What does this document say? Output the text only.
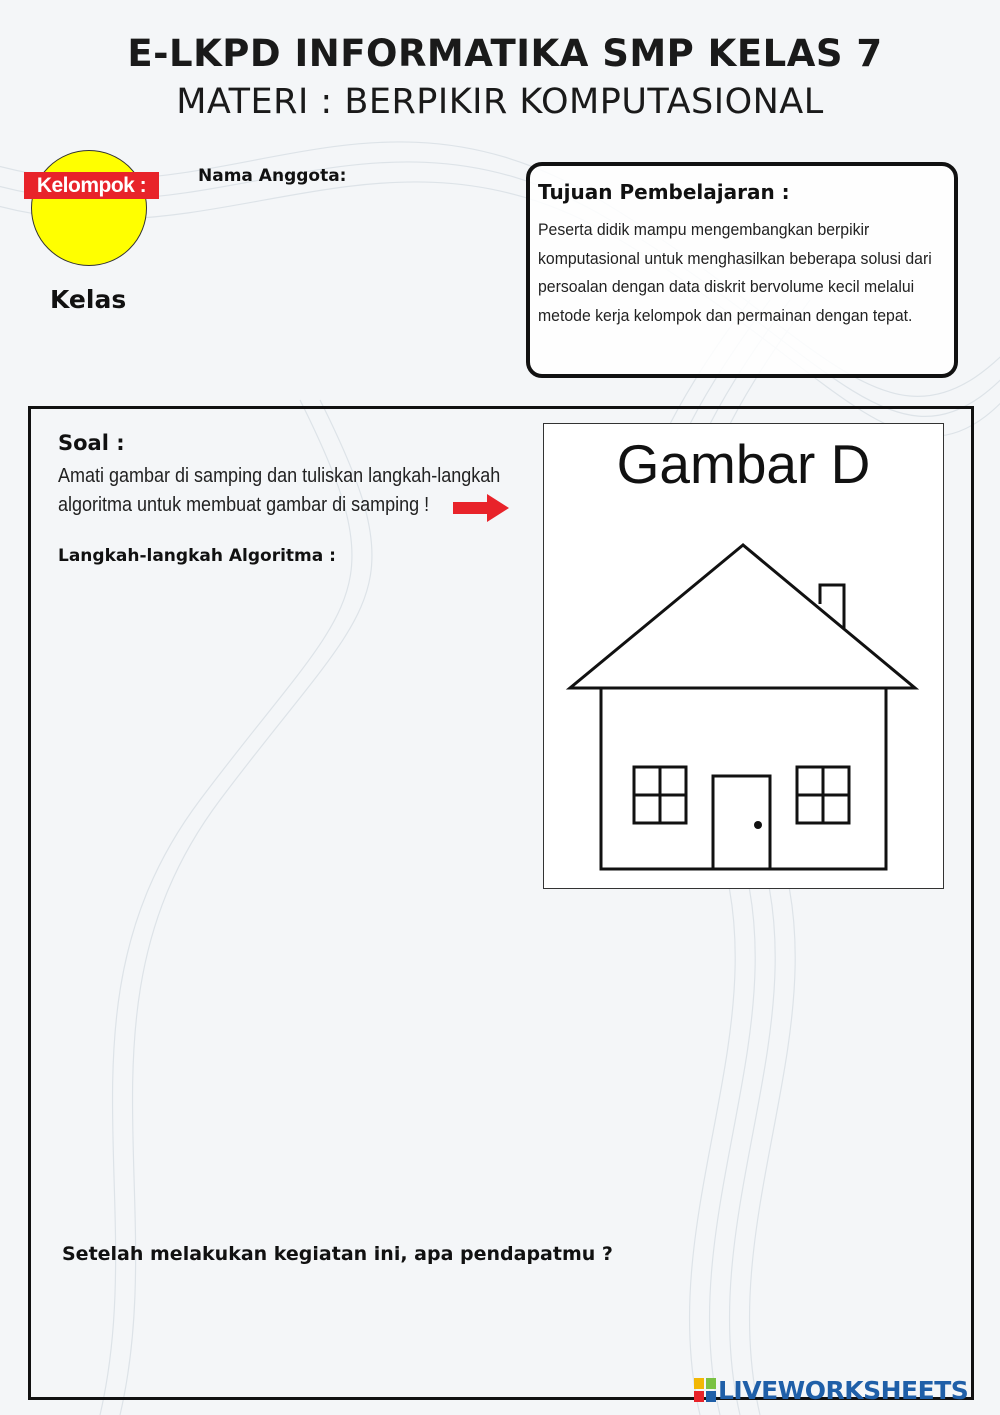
E-LKPD INFORMATIKA SMP KELAS 7
MATERI : BERPIKIR KOMPUTASIONAL
Kelompok :
Kelas
Nama Anggota:
Tujuan Pembelajaran :
Peserta didik mampu mengembangkan berpikir komputasional untuk menghasilkan beberapa solusi dari persoalan dengan data diskrit bervolume kecil melalui metode kerja kelompok dan permainan dengan tepat.
Soal :
Amati gambar di samping dan tuliskan langkah-langkah algoritma untuk membuat gambar di samping !
Langkah-langkah Algoritma :
Gambar D
Setelah melakukan kegiatan ini, apa pendapatmu ?
LIVEWORKSHEETS
